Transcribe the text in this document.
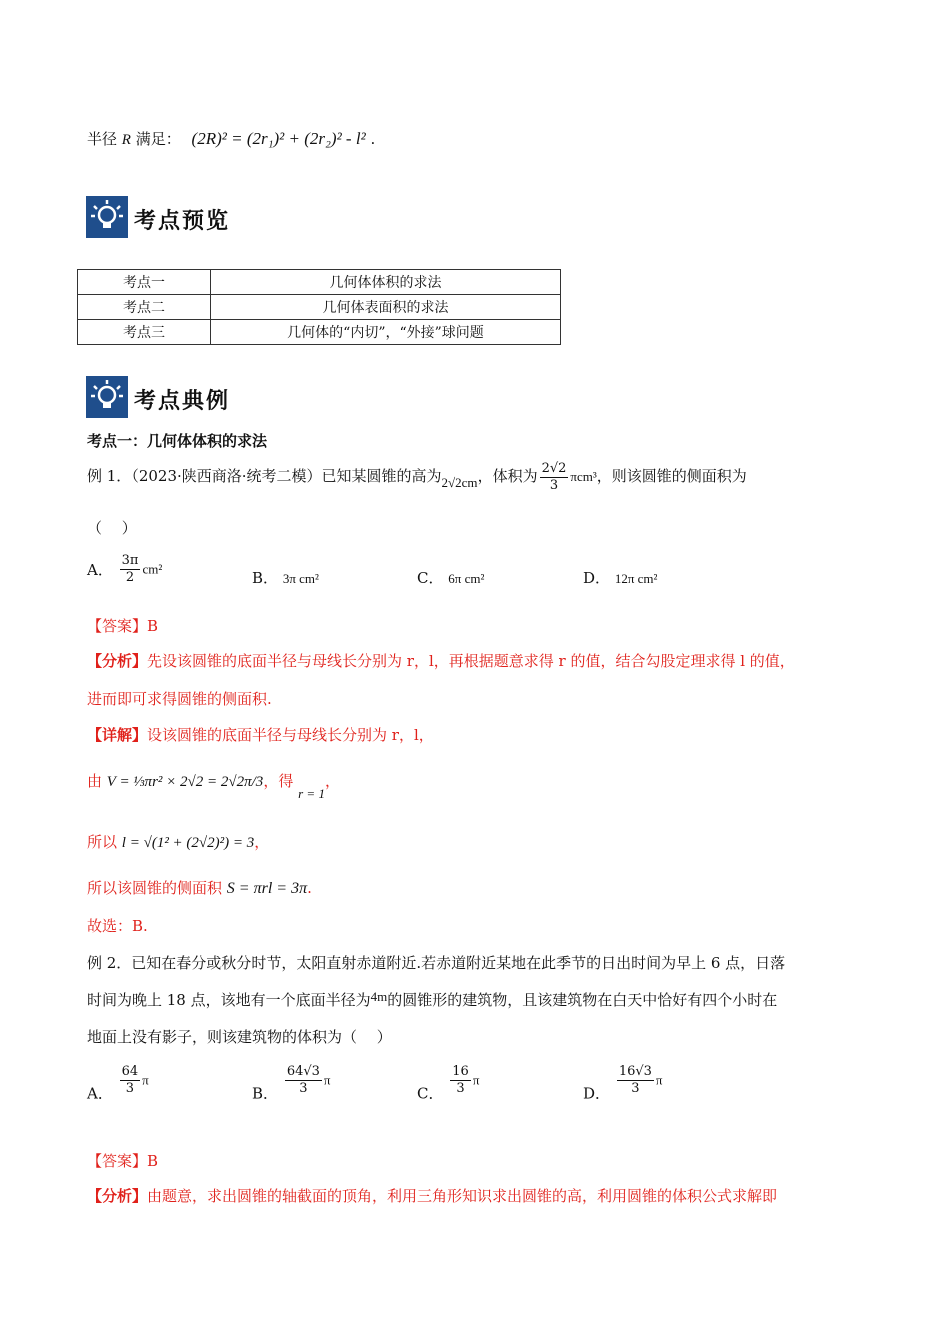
半径 R 满足： (2R)² = (2r₁)² + (2r₂)² - l² .
考点预览
考点一	几何体体积的求法
考点二	几何体表面积的求法
考点三	几何体的“内切”，“外接”球问题
考点典例
考点一：几何体体积的求法
例 1．（2023·陕西商洛·统考二模）已知某圆锥的高为2√2cm，体积为 $\frac{2√2}{3} \pi cm^3$，则该圆锥的侧面积为
（　 ）
A． $\frac{3\pi}{2} cm^2$	B． 3π cm²	C． 6π cm²	D． 12π cm²
【答案】B
【分析】先设该圆锥的底面半径与母线长分别为 r，l，再根据题意求得 r 的值，结合勾股定理求得 l 的值，
进而即可求得圆锥的侧面积.
【详解】设该圆锥的底面半径与母线长分别为 r，l，
由 V = ⅓πr² × 2√2 = 2√2π/3，得 r = 1，
所以 l = √(1² + (2√2)²) = 3，
所以该圆锥的侧面积 S = πrl = 3π.
故选：B.
例 2．已知在春分或秋分时节，太阳直射赤道附近.若赤道附近某地在此季节的日出时间为早上 6 点，日落
时间为晚上 18 点，该地有一个底面半径为4m的圆锥形的建筑物，且该建筑物在白天中恰好有四个小时在
地面上没有影子，则该建筑物的体积为（　 ）
A． $\frac{64}{3}$ π
B． $\frac{64√3}{3}$ π
C． $\frac{16}{3}$ π
D． $\frac{16√3}{3}$ π
【答案】B
【分析】由题意，求出圆锥的轴截面的顶角，利用三角形知识求出圆锥的高，利用圆锥的体积公式求解即
